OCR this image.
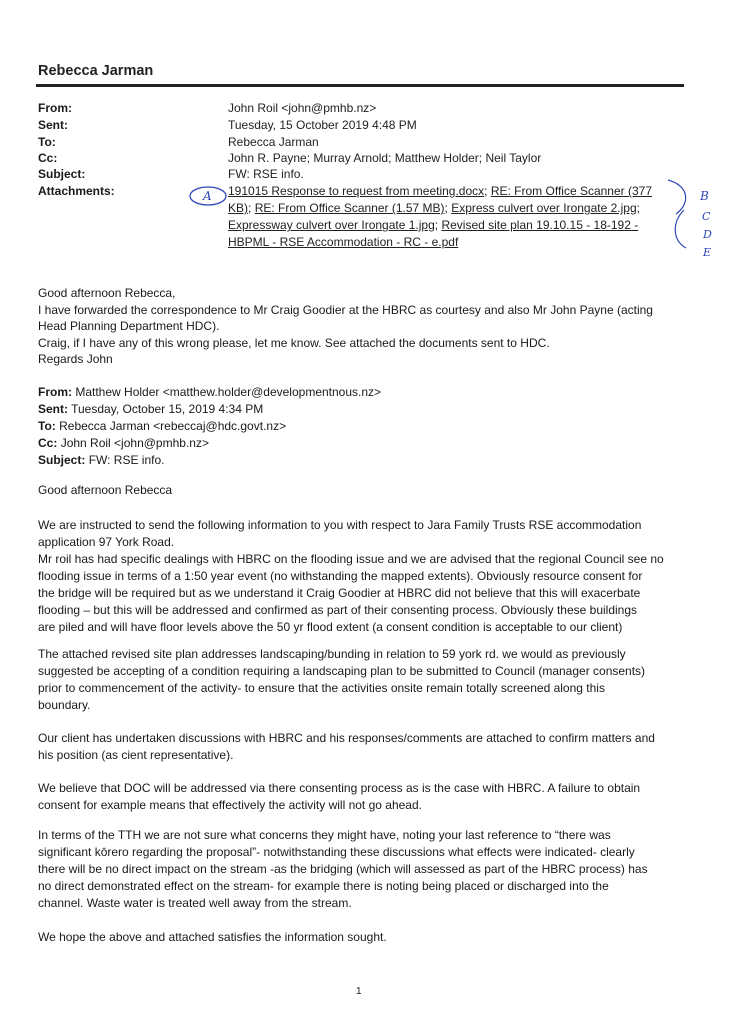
Rebecca Jarman
From:	John Roil <john@pmhb.nz>
Sent:	Tuesday, 15 October 2019 4:48 PM
To:	Rebecca Jarman
Cc:	John R. Payne; Murray Arnold; Matthew Holder; Neil Taylor
Subject:	FW: RSE info.
Attachments:	191015 Response to request from meeting.docx; RE: From Office Scanner (377 KB); RE: From Office Scanner (1.57 MB); Express culvert over Irongate 2.jpg; Expressway culvert over Irongate 1.jpg; Revised site plan 19.10.15 - 18-192 - HBPML - RSE Accommodation - RC - e.pdf
A	B
C
D
E
Good afternoon Rebecca,
I have forwarded the correspondence to Mr Craig Goodier at the HBRC as courtesy and also Mr John Payne (acting
Head Planning Department HDC).
Craig, if I have any of this wrong please, let me know. See attached the documents sent to HDC.
Regards John
From: Matthew Holder <matthew.holder@developmentnous.nz>
Sent: Tuesday, October 15, 2019 4:34 PM
To: Rebecca Jarman <rebeccaj@hdc.govt.nz>
Cc: John Roil <john@pmhb.nz>
Subject: FW: RSE info.
Good afternoon Rebecca
We are instructed to send the following information to you with respect to Jara Family Trusts RSE accommodation
application 97 York Road.
Mr roil has had specific dealings with HBRC on the flooding issue and we are advised that the regional Council see no
flooding issue in terms of a 1:50 year event (no withstanding the mapped extents). Obviously resource consent for
the bridge will be required but as we understand it Craig Goodier at HBRC did not believe that this will exacerbate
flooding – but this will be addressed and confirmed as part of their consenting process. Obviously these buildings
are piled and will have floor levels above the 50 yr flood extent (a consent condition is acceptable to our client)
The attached revised site plan addresses landscaping/bunding in relation to 59 york rd. we would as previously
suggested be accepting of a condition requiring a landscaping plan to be submitted to Council (manager consents)
prior to commencement of the activity- to ensure that the activities onsite remain totally screened along this
boundary.
Our client has undertaken discussions with HBRC and his responses/comments are attached to confirm matters and
his position (as cient representative).
We believe that DOC will be addressed via there consenting process as is the case with HBRC. A failure to obtain
consent for example means that effectively the activity will not go ahead.
In terms of the TTH we are not sure what concerns they might have, noting your last reference to “there was
significant kōrero regarding the proposal”- notwithstanding these discussions what effects were indicated- clearly
there will be no direct impact on the stream -as the bridging (which will assessed as part of the HBRC process) has
no direct demonstrated effect on the stream- for example there is noting being placed or discharged into the
channel. Waste water is treated well away from the stream.
We hope the above and attached satisfies the information sought.
1
